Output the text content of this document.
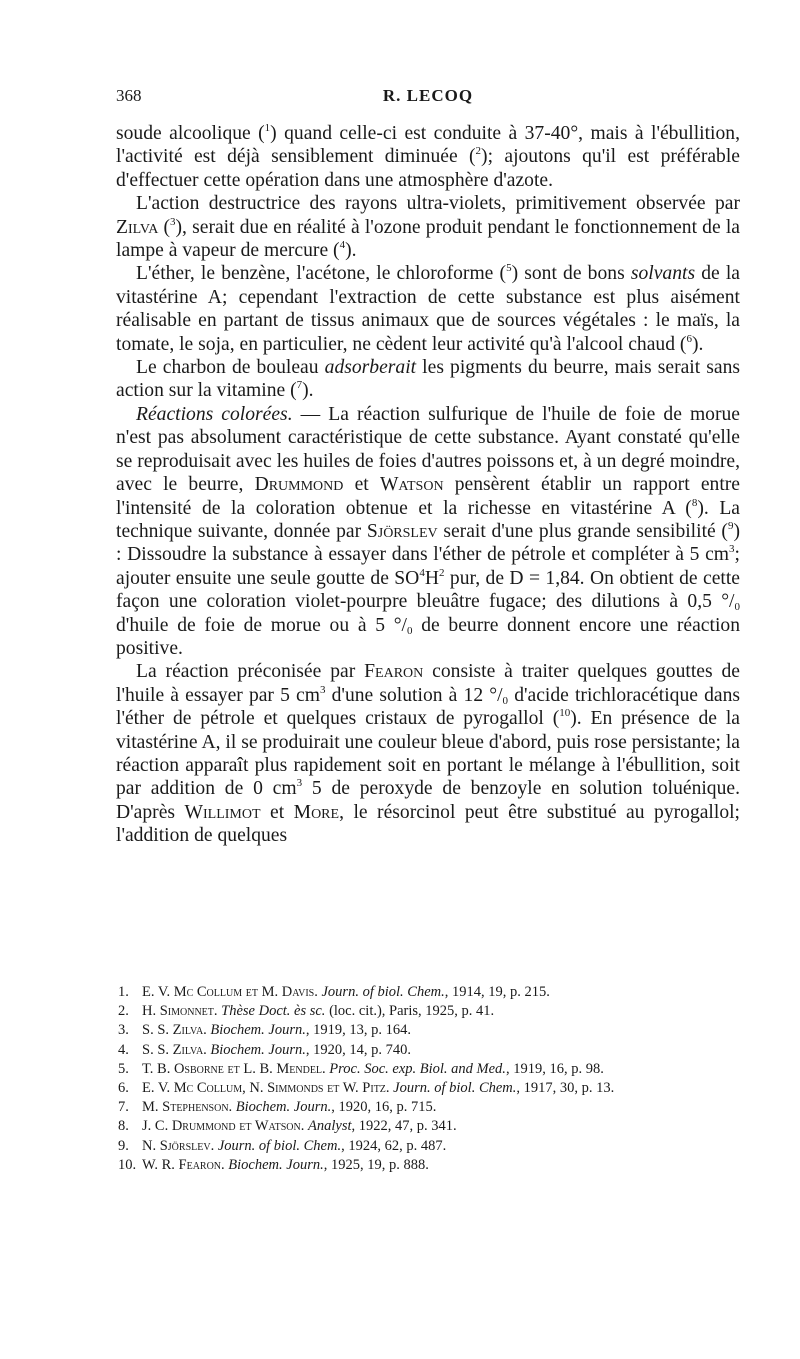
368	R. LECOQ

soude alcoolique ($^1$) quand celle-ci est conduite à 37-40°, mais à l'ébullition, l'activité est déjà sensiblement diminuée ($^2$); ajoutons qu'il est préférable d'effectuer cette opération dans une atmosphère d'azote.

L'action destructrice des rayons ultra-violets, primitivement observée par Zilva ($^3$), serait due en réalité à l'ozone produit pendant le fonctionnement de la lampe à vapeur de mercure ($^4$).

L'éther, le benzène, l'acétone, le chloroforme ($^5$) sont de bons solvants de la vitastérine A; cependant l'extraction de cette substance est plus aisément réalisable en partant de tissus animaux que de sources végétales : le maïs, la tomate, le soja, en particulier, ne cèdent leur activité qu'à l'alcool chaud ($^6$).

Le charbon de bouleau adsorberait les pigments du beurre, mais serait sans action sur la vitamine ($^7$).

Réactions colorées. — La réaction sulfurique de l'huile de foie de morue n'est pas absolument caractéristique de cette substance. Ayant constaté qu'elle se reproduisait avec les huiles de foies d'autres poissons et, à un degré moindre, avec le beurre, Drummond et Watson pensèrent établir un rapport entre l'intensité de la coloration obtenue et la richesse en vitastérine A ($^8$). La technique suivante, donnée par Sjörslev serait d'une plus grande sensibilité ($^9$) : Dissoudre la substance à essayer dans l'éther de pétrole et compléter à 5 $cm^3$; ajouter ensuite une seule goutte de $SO^4H^2$ pur, de D = 1,84. On obtient de cette façon une coloration violet-pourpre bleuâtre fugace; des dilutions à 0,5 $^\circ/_0$ d'huile de foie de morue ou à 5 $^\circ/_0$ de beurre donnent encore une réaction positive.

La réaction préconisée par Fearon consiste à traiter quelques gouttes de l'huile à essayer par 5 $cm^3$ d'une solution à 12 $^\circ/_0$ d'acide trichloracétique dans l'éther de pétrole et quelques cristaux de pyrogallol ($^{10}$). En présence de la vitastérine A, il se produirait une couleur bleue d'abord, puis rose persistante; la réaction apparaît plus rapidement soit en portant le mélange à l'ébullition, soit par addition de 0 $cm^3$ 5 de peroxyde de benzoyle en solution toluénique. D'après Willimot et More, le résorcinol peut être substitué au pyrogallol; l'addition de quelques

1. E. V. Mc Collum et M. Davis. Journ. of biol. Chem., 1914, 19, p. 215.
2. H. Simonnet. Thèse Doct. ès sc. (loc. cit.), Paris, 1925, p. 41.
3. S. S. Zilva. Biochem. Journ., 1919, 13, p. 164.
4. S. S. Zilva. Biochem. Journ., 1920, 14, p. 740.
5. T. B. Osborne et L. B. Mendel. Proc. Soc. exp. Biol. and Med., 1919, 16, p. 98.
6. E. V. Mc Collum, N. Simmonds et W. Pitz. Journ. of biol. Chem., 1917, 30, p. 13.
7. M. Stephenson. Biochem. Journ., 1920, 16, p. 715.
8. J. C. Drummond et Watson. Analyst, 1922, 47, p. 341.
9. N. Sjörslev. Journ. of biol. Chem., 1924, 62, p. 487.
10. W. R. Fearon. Biochem. Journ., 1925, 19, p. 888.
